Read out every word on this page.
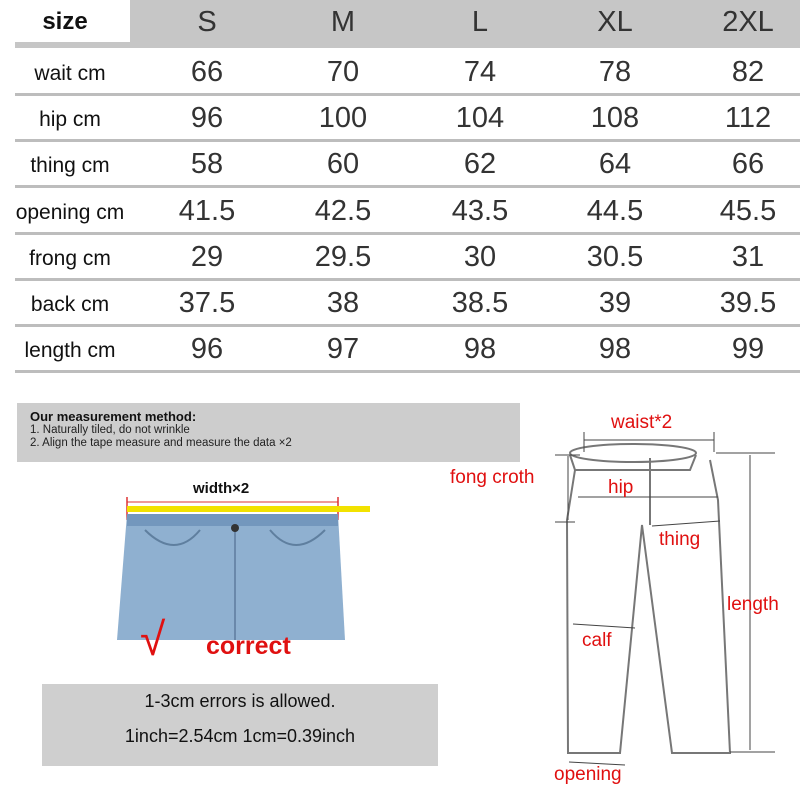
size	S	M	L	XL	2XL
wait cm	66	70	74	78	82
hip cm	96	100	104	108	112
thing cm	58	60	62	64	66
opening cm	41.5	42.5	43.5	44.5	45.5
frong cm	29	29.5	30	30.5	31
back cm	37.5	38	38.5	39	39.5
length cm	96	97	98	98	99
Our measurement method:
1. Naturally tiled, do not wrinkle
2. Align the tape measure and measure the data ×2
width×2
√ correct
1-3cm errors is allowed.
1inch=2.54cm 1cm=0.39inch
waist*2
fong croth	hip
thing
length
calf
opening
